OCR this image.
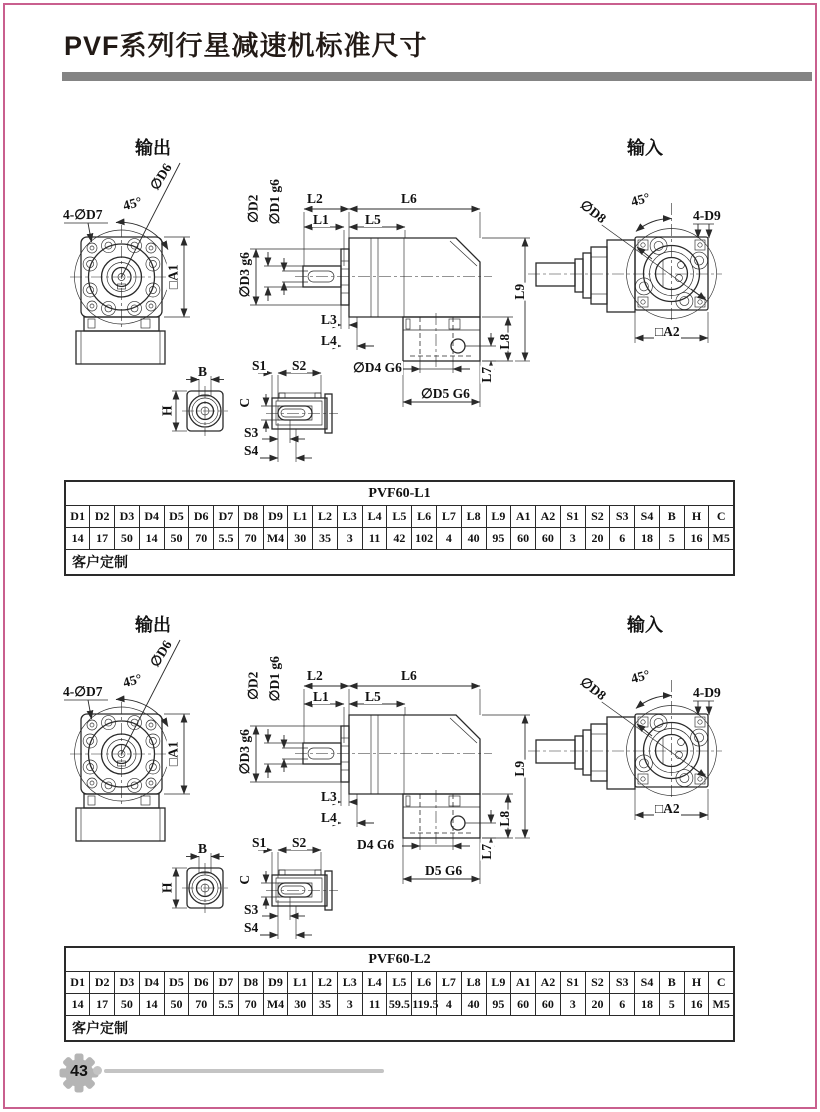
PVF系列行星减速机标准尺寸
输出	输入
∅D6
45°
4-∅D7
□A1
∅D2 ∅D1 g6 L2	L6
L1	L5
∅D3 g6
L3
L4
∅D4 G6
∅D5 G6
L7
L8
L9
∅D8 45°
4-D9
□A2
B
H
S1 S2
C
S3
S4
PVF60-L1																										
D1	D2	D3	D4	D5	D6	D7	D8	D9	L1	L2	L3	L4	L5	L6	L7	L8	L9	A1	A2	S1	S2	S3	S4	B	H	C
14	17	50	14	50	70	5.5	70	M4	30	35	3	11	42	102	4	40	95	60	60	3	20	6	18	5	16	M5
客户定制																										
输出	输入
∅D6
45°
4-∅D7
□A1
∅D2 ∅D1 g6 L2	L6
L1	L5
∅D3 g6
L3
L4
D4 G6
D5 G6
L7
L8
L9
∅D8 45°
4-D9
□A2
B
H
S1 S2
C
S3
S4
PVF60-L2																										
D1	D2	D3	D4	D5	D6	D7	D8	D9	L1	L2	L3	L4	L5	L6	L7	L8	L9	A1	A2	S1	S2	S3	S4	B	H	C
14	17	50	14	50	70	5.5	70	M4	30	35	3	11	59.5	119.5	4	40	95	60	60	3	20	6	18	5	16	M5
客户定制																										
43
